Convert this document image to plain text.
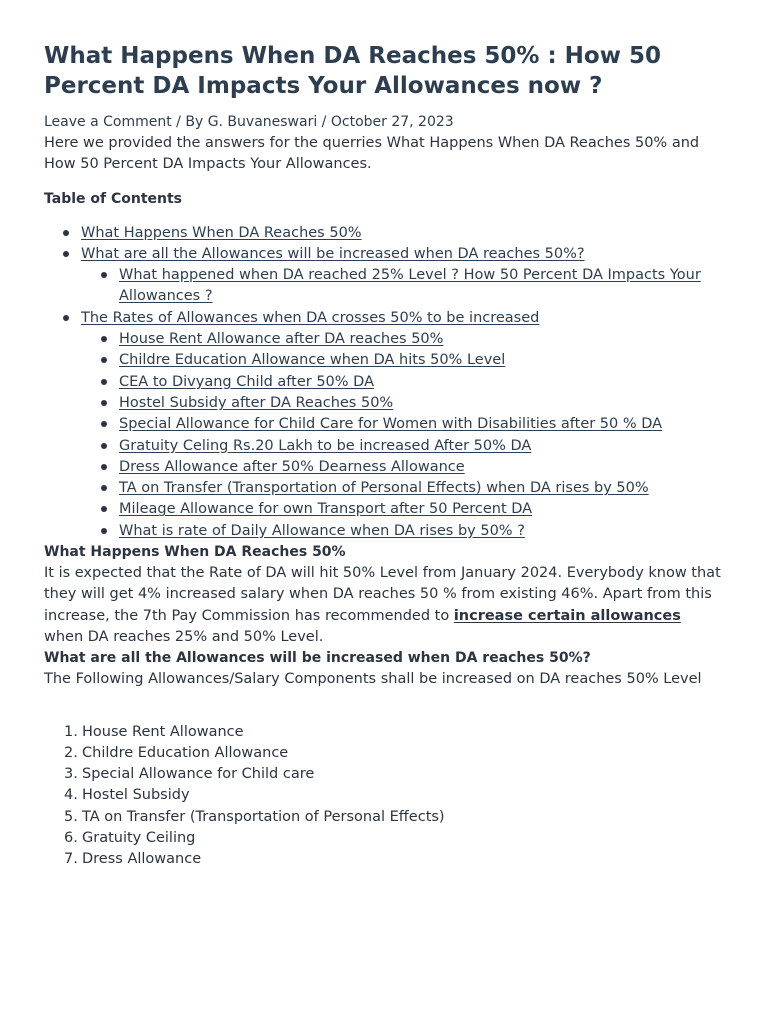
What Happens When DA Reaches 50% : How 50 Percent DA Impacts Your Allowances now ?
Leave a Comment / By G. Buvaneswari / October 27, 2023

Here we provided the answers for the querries What Happens When DA Reaches 50% and How 50 Percent DA Impacts Your Allowances.

Table of Contents
What Happens When DA Reaches 50%
What are all the Allowances will be increased when DA reaches 50%?
What happened when DA reached 25% Level ? How 50 Percent DA Impacts Your Allowances ?
The Rates of Allowances when DA crosses 50% to be increased
House Rent Allowance after DA reaches 50%
Childre Education Allowance when DA hits 50% Level
CEA to Divyang Child after 50% DA
Hostel Subsidy after DA Reaches 50%
Special Allowance for Child Care for Women with Disabilities after 50 % DA
Gratuity Celing Rs.20 Lakh to be increased After 50% DA
Dress Allowance after 50% Dearness Allowance
TA on Transfer (Transportation of Personal Effects) when DA rises by 50%
Mileage Allowance for own Transport after 50 Percent DA
What is rate of Daily Allowance when DA rises by 50% ?
What Happens When DA Reaches 50%

It is expected that the Rate of DA will hit 50% Level from January 2024. Everybody know that they will get 4% increased salary when DA reaches 50 % from existing 46%. Apart from this increase, the 7th Pay Commission has recommended to increase certain allowances when DA reaches 25% and 50% Level.

What are all the Allowances will be increased when DA reaches 50%?

The Following Allowances/Salary Components shall be increased on DA reaches 50% Level

1. House Rent Allowance
2. Childre Education Allowance
3. Special Allowance for Child care
4. Hostel Subsidy
5. TA on Transfer (Transportation of Personal Effects)
6. Gratuity Ceiling
7. Dress Allowance
